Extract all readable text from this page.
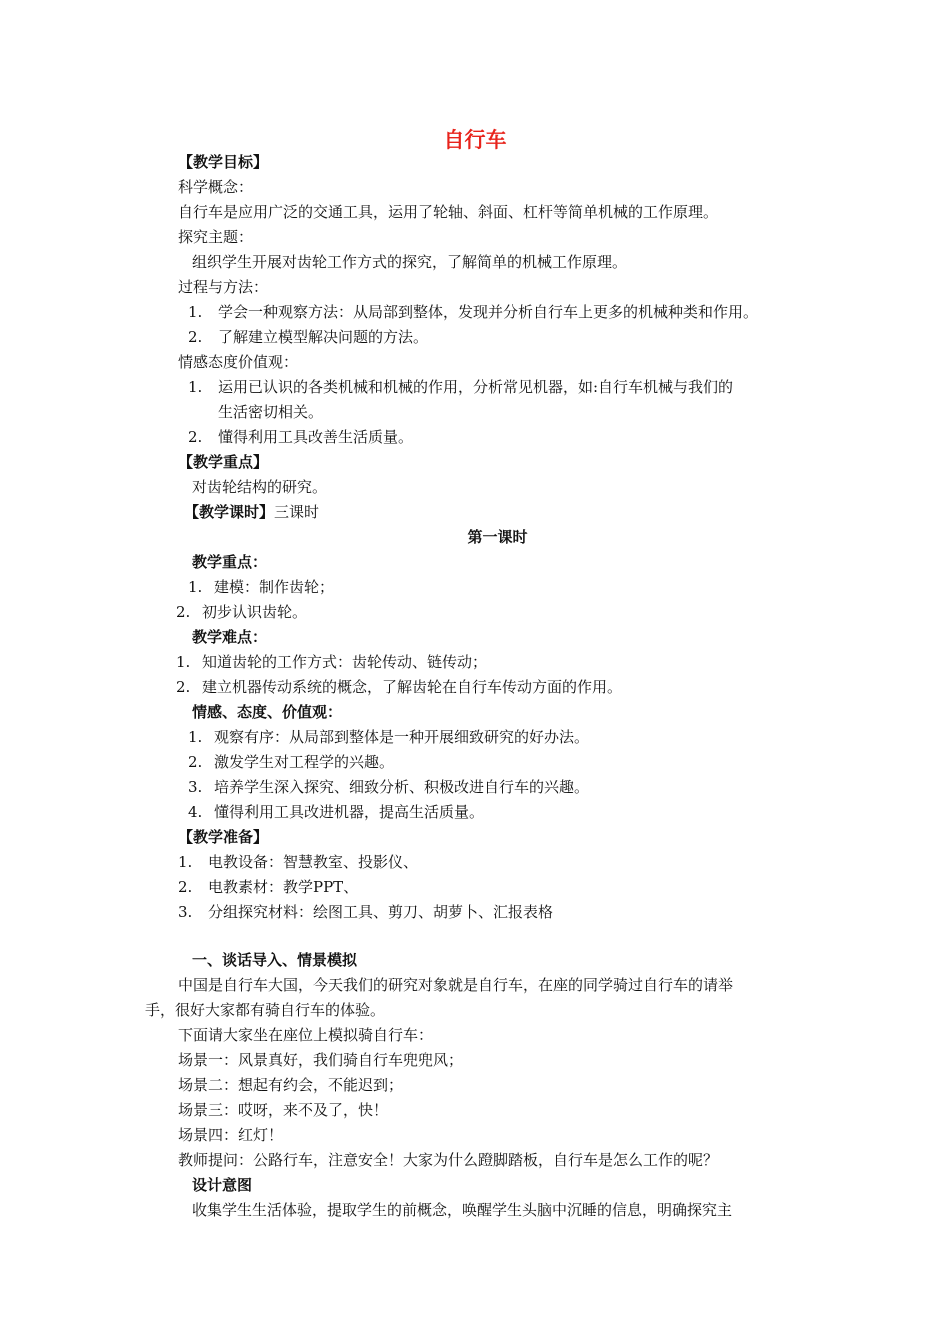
自行车
【教学目标】
科学概念：
自行车是应用广泛的交通工具，运用了轮轴、斜面、杠杆等简单机械的工作原理。
探究主题：
组织学生开展对齿轮工作方式的探究，了解简单的机械工作原理。
过程与方法：
1. 学会一种观察方法：从局部到整体，发现并分析自行车上更多的机械种类和作用。
2. 了解建立模型解决问题的方法。
情感态度价值观：
1. 运用已认识的各类机械和机械的作用，分析常见机器，如:自行车机械与我们的
生活密切相关。
2. 懂得利用工具改善生活质量。
【教学重点】
对齿轮结构的研究。
【教学课时】三课时
第一课时
教学重点：
1. 建模：制作齿轮；
2. 初步认识齿轮。
教学难点：
1. 知道齿轮的工作方式：齿轮传动、链传动；
2. 建立机器传动系统的概念，了解齿轮在自行车传动方面的作用。
情感、态度、价值观：
1. 观察有序：从局部到整体是一种开展细致研究的好办法。
2. 激发学生对工程学的兴趣。
3. 培养学生深入探究、细致分析、积极改进自行车的兴趣。
4. 懂得利用工具改进机器，提高生活质量。
【教学准备】
1. 电教设备：智慧教室、投影仪、
2. 电教素材：教学PPT、
3. 分组探究材料：绘图工具、剪刀、胡萝卜、汇报表格
一、谈话导入、情景模拟
中国是自行车大国，今天我们的研究对象就是自行车，在座的同学骑过自行车的请举
手，很好大家都有骑自行车的体验。
下面请大家坐在座位上模拟骑自行车：
场景一：风景真好，我们骑自行车兜兜风；
场景二：想起有约会，不能迟到；
场景三：哎呀，来不及了，快！
场景四：红灯！
教师提问：公路行车，注意安全！大家为什么蹬脚踏板，自行车是怎么工作的呢？
设计意图
收集学生生活体验，提取学生的前概念，唤醒学生头脑中沉睡的信息，明确探究主
